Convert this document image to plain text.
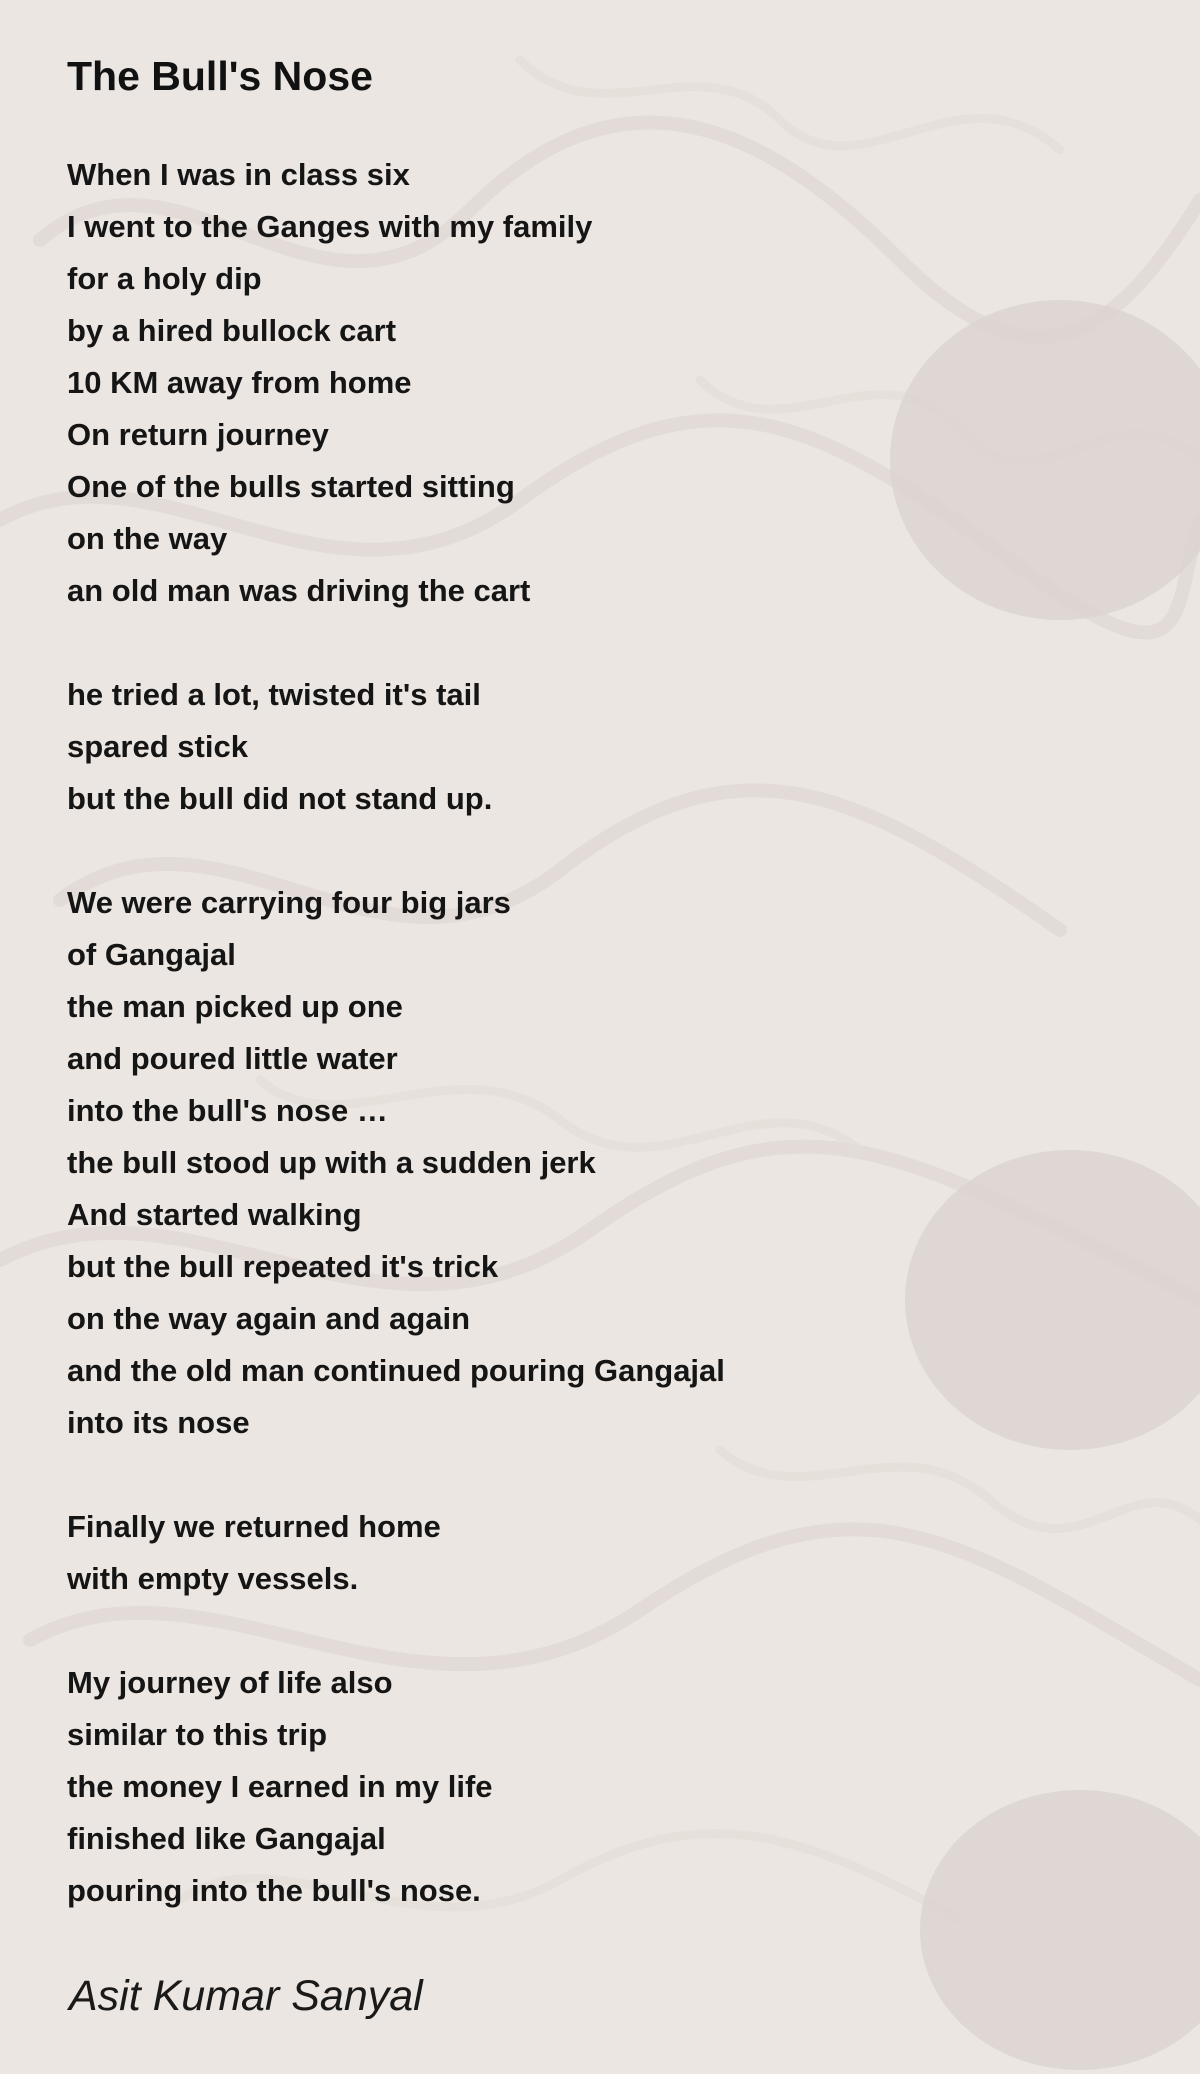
The Bull's Nose
When I was in class six
I went to the Ganges with my family
for a holy dip
by a hired bullock cart
10 KM away from home
On return journey
One of the bulls started sitting
on the way
an old man was driving the cart
he tried a lot, twisted it's tail
spared stick
but the bull did not stand up.
We were carrying four big jars
of Gangajal
the man picked up one
and poured little water
into the bull's nose …
the bull stood up with a sudden jerk
And started walking
but the bull repeated it's trick
on the way again and again
and the old man continued pouring Gangajal
into its nose
Finally we returned home
with empty vessels.
My journey of life also
similar to this trip
the money I earned in my life
finished like Gangajal
pouring into the bull's nose.
Asit Kumar Sanyal
